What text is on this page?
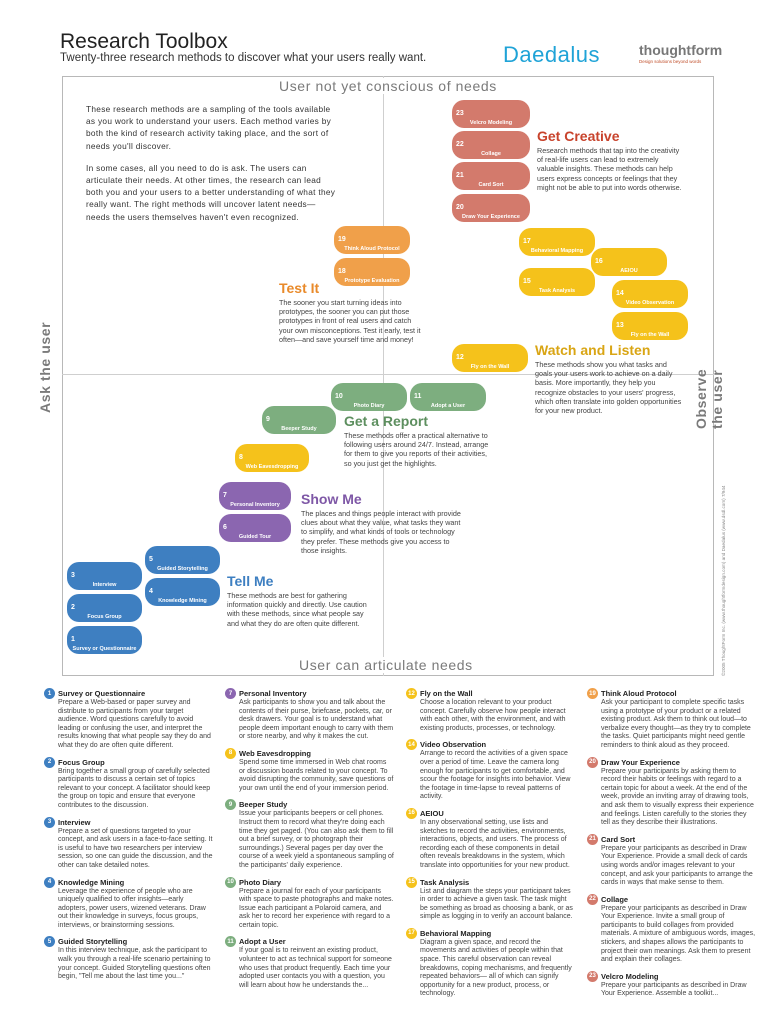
Research Toolbox
Twenty-three research methods to discover what your users really want.	Daedalus	thoughtform
Design solutions beyond words
User not yet conscious of needs
User can articulate needs
Ask the user	Observe the user
©2005 ThoughtForm Inc. (www.thoughtformdesign.com) and Daedalus (www.dsdl.com) 7/944

These research methods are a sampling of the tools available as you work to understand your users. Each method varies by both the kind of research activity taking place, and the sort of needs you'll discover.

In some cases, all you need to do is ask. The users can articulate their needs. At other times, the research can lead both you and your users to a better understanding of what they really want. The right methods will uncover latent needs—needs the users themselves haven't even recognized.

Get Creative

Research methods that tap into the creativity of real-life users can lead to extremely valuable insights. These methods can help users express concepts or feelings that they might not be able to put into words otherwise.

Test It

The sooner you start turning ideas into prototypes, the sooner you can put those prototypes in front of real users and catch your own misconceptions. Test it early, test it often—and save yourself time and money!

Watch and Listen

These methods show you what tasks and goals your users work to achieve on a daily basis. More importantly, they help you recognize obstacles to your users' progress, which often translate into golden opportunities for your new product.

Get a Report

These methods offer a practical alternative to following users around 24/7. Instead, arrange for them to give you reports of their activities, so you just get the highlights.

Show Me

The places and things people interact with provide clues about what they value, what tasks they want to simplify, and what kinds of tools or technology they prefer. These methods give you access to those insights.

Tell Me

These methods are best for gathering information quickly and directly. Use caution with these methods, since what people say and what they do are often quite different.

1
Survey or Questionnaire
2
Focus Group
3
Interview
4
Knowledge Mining
5
Guided Storytelling
6
Guided Tour
7
Personal Inventory
8
Web Eavesdropping
9
Beeper Study
10
Photo Diary
11
Adopt a User
12
Fly on the Wall
13
Fly on the Wall
14
Video Observation
15
Task Analysis
16
AEIOU
17
Behavioral Mapping
18
Prototype Evaluation
19
Think Aloud Protocol
20
Draw Your Experience
21
Card Sort
22
Collage
23
Velcro Modeling
1 Survey or Questionnaire
Prepare a Web-based or paper survey and distribute to participants from your target audience. Word questions carefully to avoid leading or confusing the user, and interpret the results knowing that what people say they do and what they do are often quite different.
2 Focus Group
Bring together a small group of carefully selected participants to discuss a certain set of topics relevant to your concept. A facilitator should keep the group on topic and ensure that everyone contributes to the discussion.
3 Interview
Prepare a set of questions targeted to your concept, and ask users in a face-to-face setting. It is useful to have two researchers per interview session, so one can guide the discussion, and the other can take detailed notes.
4 Knowledge Mining
Leverage the experience of people who are uniquely qualified to offer insights—early adopters, power users, wizened veterans. Draw out their knowledge in surveys, focus groups, interviews, or brainstorming sessions.
5 Guided Storytelling
In this interview technique, ask the participant to walk you through a real-life scenario pertaining to your concept. Guided Storytelling questions often begin, "Tell me about the last time you..."
7 Personal Inventory
Ask participants to show you and talk about the contents of their purse, briefcase, pockets, car, or desk drawers. Your goal is to understand what people deem important enough to carry with them or store nearby, and why it makes the cut.
8 Web Eavesdropping
Spend some time immersed in Web chat rooms or discussion boards related to your concept. To avoid disrupting the community, save questions of your own until the end of your immersion period.
9 Beeper Study
Issue your participants beepers or cell phones. Instruct them to record what they're doing each time they get paged. (You can also ask them to fill out a brief survey, or to photograph their surroundings.) Several pages per day over the course of a week yield a spontaneous sampling of the participants' daily experience.
10 Photo Diary
Prepare a journal for each of your participants with space to paste photographs and make notes. Issue each participant a Polaroid camera, and ask her to record her experience with regard to a certain topic.
11 Adopt a User
If your goal is to reinvent an existing product, volunteer to act as technical support for someone who uses that product frequently. Each time your adopted user contacts you with a question, you will learn about how he understands the...
12 Fly on the Wall
Choose a location relevant to your product concept. Carefully observe how people interact with each other, with the environment, and with existing products, processes, or technology.
14 Video Observation
Arrange to record the activities of a given space over a period of time. Leave the camera long enough for participants to get comfortable, and scour the footage for insights into behavior. View the footage in time-lapse to reveal patterns of activity.
16 AEIOU
In any observational setting, use lists and sketches to record the activities, environments, interactions, objects, and users. The process of recording each of these components in detail often reveals breakdowns in the system, which translate into opportunities for your new product.
15 Task Analysis
List and diagram the steps your participant takes in order to achieve a given task. The task might be something as broad as choosing a bank, or as simple as logging in to verify an account balance.
17 Behavioral Mapping
Diagram a given space, and record the movements and activities of people within that space. This careful observation can reveal breakdowns, coping mechanisms, and frequently repeated behaviors— all of which can signify opportunity for a new product, process, or technology.
19 Think Aloud Protocol
Ask your participant to complete specific tasks using a prototype of your product or a related existing product. Ask them to think out loud—to verbalize every thought—as they try to complete the tasks. Quiet participants might need gentle reminders to think aloud as they proceed.
20 Draw Your Experience
Prepare your participants by asking them to record their habits or feelings with regard to a certain topic for about a week. At the end of the week, provide an inviting array of drawing tools, and ask them to visually express their experience and feelings. Listen carefully to the stories they tell as they describe their illustrations.
21 Card Sort
Prepare your participants as described in Draw Your Experience. Provide a small deck of cards using words and/or images relevant to your concept, and ask your participants to arrange the cards in ways that make sense to them.
22 Collage
Prepare your participants as described in Draw Your Experience. Invite a small group of participants to build collages from provided materials. A mixture of ambiguous words, images, stickers, and shapes allows the participants to project their own meanings. Ask them to present and explain their collages.
23 Velcro Modeling
Prepare your participants as described in Draw Your Experience. Assemble a toolkit...
